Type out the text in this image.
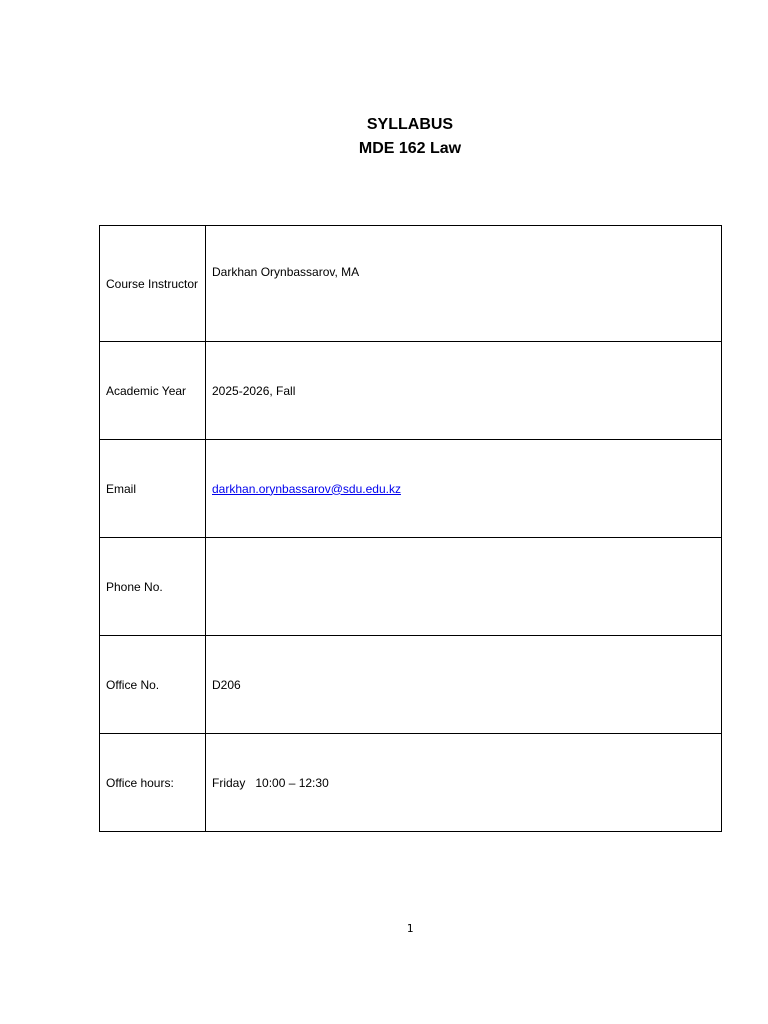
SYLLABUS
MDE 162 Law
Course Instructor	Darkhan Orynbassarov, MA
Academic Year	2025-2026, Fall
Email	darkhan.orynbassarov@sdu.edu.kz
Phone No.	
Office No.	D206
Office hours:	Friday   10:00 – 12:30
1
